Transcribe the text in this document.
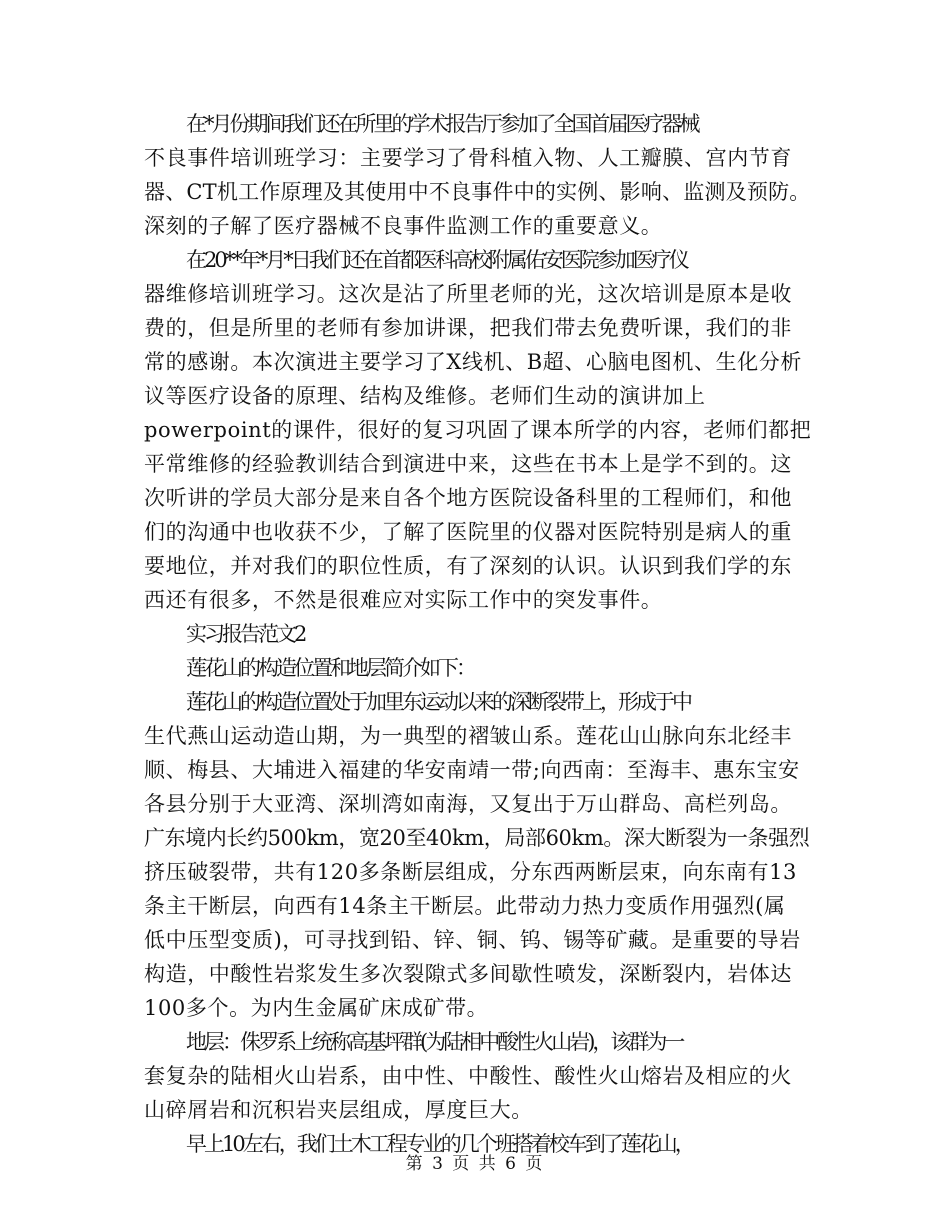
在*月份期间我们还在所里的学术报告厅参加了全国首届医疗器械
不良事件培训班学习：主要学习了骨科植入物、人工瓣膜、宫内节育
器、CT机工作原理及其使用中不良事件中的实例、影响、监测及预防。
深刻的子解了医疗器械不良事件监测工作的重要意义。
在20**年*月*日我们还在首都医科高校附属佑安医院参加医疗仪
器维修培训班学习。这次是沾了所里老师的光，这次培训是原本是收
费的，但是所里的老师有参加讲课，把我们带去免费听课，我们的非
常的感谢。本次演进主要学习了X线机、B超、心脑电图机、生化分析
议等医疗设备的原理、结构及维修。老师们生动的演讲加上
powerpoint的课件，很好的复习巩固了课本所学的内容，老师们都把
平常维修的经验教训结合到演进中来，这些在书本上是学不到的。这
次听讲的学员大部分是来自各个地方医院设备科里的工程师们，和他
们的沟通中也收获不少，了解了医院里的仪器对医院特别是病人的重
要地位，并对我们的职位性质，有了深刻的认识。认识到我们学的东
西还有很多，不然是很难应对实际工作中的突发事件。
实习报告范文2
莲花山的构造位置和地层简介如下：
莲花山的构造位置处于加里东运动以来的深断裂带上，形成于中
生代燕山运动造山期，为一典型的褶皱山系。莲花山山脉向东北经丰
顺、梅县、大埔进入福建的华安南靖一带;向西南：至海丰、惠东宝安
各县分别于大亚湾、深圳湾如南海，又复出于万山群岛、高栏列岛。
广东境内长约500km，宽20至40km，局部60km。深大断裂为一条强烈
挤压破裂带，共有120多条断层组成，分东西两断层束，向东南有13
条主干断层，向西有14条主干断层。此带动力热力变质作用强烈(属
低中压型变质)，可寻找到铅、锌、铜、钨、锡等矿藏。是重要的导岩
构造，中酸性岩浆发生多次裂隙式多间歇性喷发，深断裂内，岩体达
100多个。为内生金属矿床成矿带。
地层：侏罗系上统称高基坪群(为陆相中酸性火山岩)，该群为一
套复杂的陆相火山岩系，由中性、中酸性、酸性火山熔岩及相应的火
山碎屑岩和沉积岩夹层组成，厚度巨大。
早上10左右，我们土木工程专业的几个班搭着校车到了莲花山，
第 3 页 共 6 页
